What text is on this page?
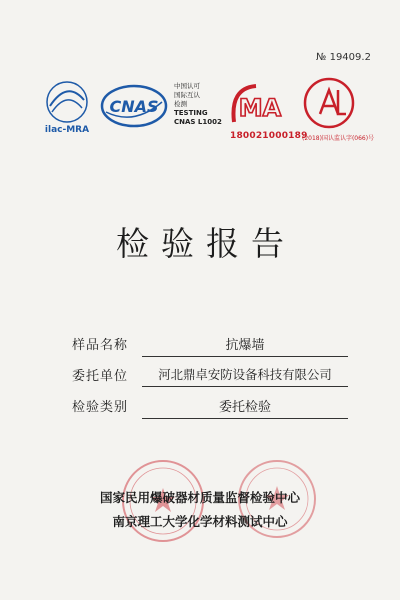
№ 19409.2
ilac-MRA
CNAS
中国认可
国际互认
检测
TESTING
CNAS L1002 MA
180021000189
(2018)国认监认字(066)号
检验报告
样品名称	抗爆墙
委托单位	河北鼎卓安防设备科技有限公司
检验类别	委托检验
国家民用爆破器材质量监督检验中心
南京理工大学化学材料测试中心
